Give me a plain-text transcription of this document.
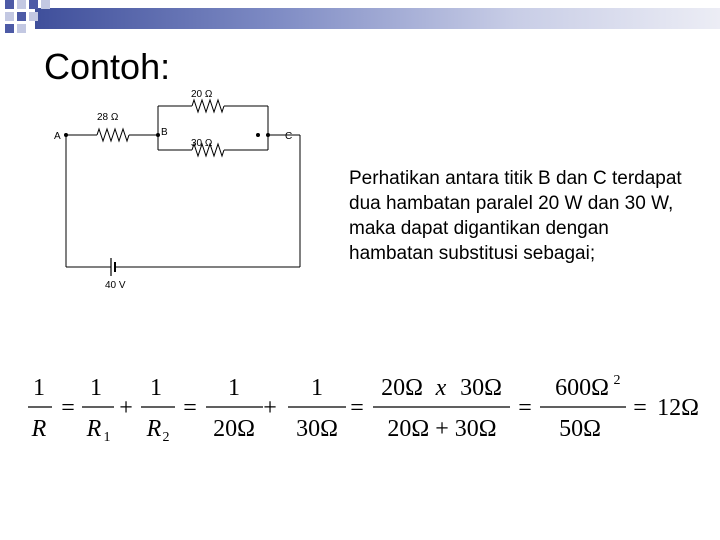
Contoh:
A	B	C
28 Ω
20 Ω
30 Ω
40 V

Perhatikan antara titik B dan C terdapat dua hambatan paralel 20 W dan 30 W, maka dapat digantikan dengan hambatan substitusi sebagai;

1
R
=
1
R 1
+
1
R 2
=
1
20Ω
+
1
30Ω
=
20Ω x 30Ω
20Ω + 30Ω
=
600Ω 2
50Ω
= 12Ω
